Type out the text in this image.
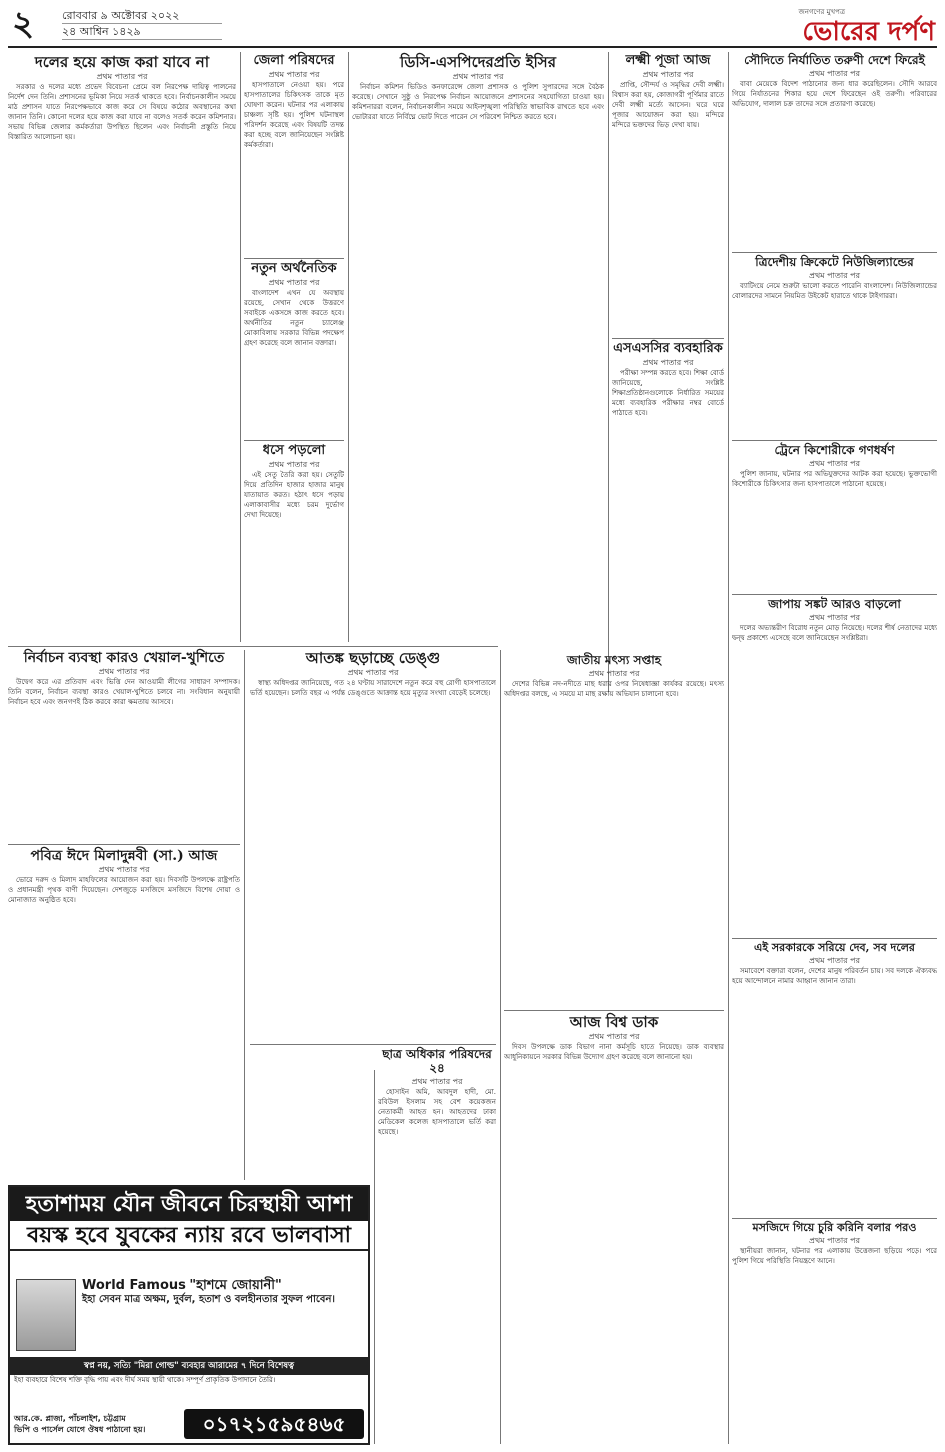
২	রোববার ৯ অক্টোবর ২০২২
২৪ আশ্বিন ১৪২৯
জনগণের মুখপত্র
ভোরের দর্পণ
দলের হয়ে কাজ করা যাবে না
প্রথম পাতার পর

সরকার ও দলের মধ্যে প্রভেদ বিবেচনা প্রেমে বল নিরপেক্ষ দায়িত্ব পালনের নির্দেশ দেন তিনি। প্রশাসনের ভূমিকা নিয়ে সতর্ক থাকতে হবে। নির্বাচনকালীন সময়ে মাঠ প্রশাসন যাতে নিরপেক্ষভাবে কাজ করে সে বিষয়ে কঠোর অবস্থানের কথা জানান তিনি। কোনো দলের হয়ে কাজ করা যাবে না বলেও সতর্ক করেন কমিশনার। সভায় বিভিন্ন জেলার কর্মকর্তারা উপস্থিত ছিলেন এবং নির্বাচনী প্রস্তুতি নিয়ে বিস্তারিত আলোচনা হয়।

জেলা পরিষদের
প্রথম পাতার পর

হাসপাতালে নেওয়া হয়। পরে হাসপাতালের চিকিৎসক তাকে মৃত ঘোষণা করেন। ঘটনার পর এলাকায় চাঞ্চল্য সৃষ্টি হয়। পুলিশ ঘটনাস্থল পরিদর্শন করেছে এবং বিষয়টি তদন্ত করা হচ্ছে বলে জানিয়েছেন সংশ্লিষ্ট কর্মকর্তারা।

নতুন অর্থনৈতিক
প্রথম পাতার পর

বাংলাদেশ এখন যে অবস্থায় রয়েছে, সেখান থেকে উত্তরণে সবাইকে একসঙ্গে কাজ করতে হবে। অর্থনীতির নতুন চ্যালেঞ্জ মোকাবিলায় সরকার বিভিন্ন পদক্ষেপ গ্রহণ করেছে বলে জানান বক্তারা।

ধসে পড়লো
প্রথম পাতার পর

এই সেতু তৈরি করা হয়। সেতুটি দিয়ে প্রতিদিন হাজার হাজার মানুষ যাতায়াত করত। হঠাৎ ধসে পড়ায় এলাকাবাসীর মধ্যে চরম দুর্ভোগ দেখা দিয়েছে।

ডিসি-এসপিদেরপ্রতি ইসির
প্রথম পাতার পর

নির্বাচন কমিশন ভিডিও কনফারেন্সে জেলা প্রশাসক ও পুলিশ সুপারদের সঙ্গে বৈঠক করেছে। সেখানে সুষ্ঠু ও নিরপেক্ষ নির্বাচন আয়োজনে প্রশাসনের সহযোগিতা চাওয়া হয়। কমিশনাররা বলেন, নির্বাচনকালীন সময়ে আইনশৃঙ্খলা পরিস্থিতি স্বাভাবিক রাখতে হবে এবং ভোটাররা যাতে নির্বিঘ্নে ভোট দিতে পারেন সে পরিবেশ নিশ্চিত করতে হবে।

লক্ষ্মী পূজা আজ
প্রথম পাতার পর

প্রাপ্তি, সৌন্দর্য ও সমৃদ্ধির দেবী লক্ষ্মী। বিশ্বাস করা হয়, কোজাগরী পূর্ণিমার রাতে দেবী লক্ষ্মী মর্ত্যে আসেন। ঘরে ঘরে পূজার আয়োজন করা হয়। মন্দিরে মন্দিরে ভক্তদের ভিড় দেখা যায়।

এসএসসির ব্যবহারিক
প্রথম পাতার পর

পরীক্ষা সম্পন্ন করতে হবে। শিক্ষা বোর্ড জানিয়েছে, সংশ্লিষ্ট শিক্ষাপ্রতিষ্ঠানগুলোকে নির্ধারিত সময়ের মধ্যে ব্যবহারিক পরীক্ষার নম্বর বোর্ডে পাঠাতে হবে।

জাতীয় মৎস্য সপ্তাহ
প্রথম পাতার পর

দেশের বিভিন্ন নদ-নদীতে মাছ ধরার ওপর নিষেধাজ্ঞা কার্যকর রয়েছে। মৎস্য অধিদপ্তর বলছে, এ সময়ে মা মাছ রক্ষায় অভিযান চালানো হবে।

আজ বিশ্ব ডাক
প্রথম পাতার পর

দিবস উপলক্ষে ডাক বিভাগ নানা কর্মসূচি হাতে নিয়েছে। ডাক ব্যবস্থার আধুনিকায়নে সরকার বিভিন্ন উদ্যোগ গ্রহণ করেছে বলে জানানো হয়।

সৌদিতে নির্যাতিত তরুণী দেশে ফিরেই
প্রথম পাতার পর

বাবা মেয়েকে বিদেশ পাঠানোর জন্য ধার করেছিলেন। সৌদি আরবে গিয়ে নির্যাতনের শিকার হয়ে দেশে ফিরেছেন ওই তরুণী। পরিবারের অভিযোগ, দালাল চক্র তাদের সঙ্গে প্রতারণা করেছে।

ত্রিদেশীয় ক্রিকেটে নিউজিল্যান্ডের
প্রথম পাতার পর

ব্যাটিংয়ে নেমে শুরুটা ভালো করতে পারেনি বাংলাদেশ। নিউজিল্যান্ডের বোলারদের সামনে নিয়মিত উইকেট হারাতে থাকে টাইগাররা।

ট্রেনে কিশোরীকে গণধর্ষণ
প্রথম পাতার পর

পুলিশ জানায়, ঘটনার পর অভিযুক্তদের আটক করা হয়েছে। ভুক্তভোগী কিশোরীকে চিকিৎসার জন্য হাসপাতালে পাঠানো হয়েছে।

জাপায় সঙ্কট আরও বাড়লো
প্রথম পাতার পর

দলের অভ্যন্তরীণ বিরোধ নতুন মোড় নিয়েছে। দলের শীর্ষ নেতাদের মধ্যে দ্বন্দ্ব প্রকাশ্যে এসেছে বলে জানিয়েছেন সংশ্লিষ্টরা।

এই সরকারকে সরিয়ে দেব, সব দলের
প্রথম পাতার পর

সমাবেশে বক্তারা বলেন, দেশের মানুষ পরিবর্তন চায়। সব দলকে ঐক্যবদ্ধ হয়ে আন্দোলনে নামার আহ্বান জানান তারা।

মসজিদে গিয়ে চুরি করিনি বলার পরও
প্রথম পাতার পর

স্থানীয়রা জানান, ঘটনার পর এলাকায় উত্তেজনা ছড়িয়ে পড়ে। পরে পুলিশ গিয়ে পরিস্থিতি নিয়ন্ত্রণে আনে।

নির্বাচন ব্যবস্থা কারও খেয়াল-খুশিতে
প্রথম পাতার পর

উদ্বেগ করে এর প্রতিবাদ এবং ভিত্তি দেন আওয়ামী লীগের সাধারণ সম্পাদক। তিনি বলেন, নির্বাচন ব্যবস্থা কারও খেয়াল-খুশিতে চলবে না। সংবিধান অনুযায়ী নির্বাচন হবে এবং জনগণই ঠিক করবে কারা ক্ষমতায় আসবে।

পবিত্র ঈদে মিলাদুন্নবী (সা.) আজ
প্রথম পাতার পর

ভোরে দরুদ ও মিলাদ মাহফিলের আয়োজন করা হয়। দিবসটি উপলক্ষে রাষ্ট্রপতি ও প্রধানমন্ত্রী পৃথক বাণী দিয়েছেন। দেশজুড়ে মসজিদে মসজিদে বিশেষ দোয়া ও মোনাজাত অনুষ্ঠিত হবে।

আতঙ্ক ছড়াচ্ছে ডেঙ্গু
প্রথম পাতার পর

স্বাস্থ্য অধিদপ্তর জানিয়েছে, গত ২৪ ঘণ্টায় সারাদেশে নতুন করে বহু রোগী হাসপাতালে ভর্তি হয়েছেন। চলতি বছর এ পর্যন্ত ডেঙ্গুতে আক্রান্ত হয়ে মৃত্যুর সংখ্যা বেড়েই চলেছে।

ছাত্র অধিকার পরিষদের ২৪
প্রথম পাতার পর

হোসাইন অমি, আবদুল হাদী, মো. রবিউল ইসলাম সহ বেশ কয়েকজন নেতাকর্মী আহত হন। আহতদের ঢাকা মেডিকেল কলেজ হাসপাতালে ভর্তি করা হয়েছে।

হতাশাময় যৌন জীবনে চিরস্থায়ী আশা
বয়স্ক হবে যুবকের ন্যায় রবে ভালবাসা
World Famous "হাশমে জোয়ানী"
ইহা সেবন মাত্র অক্ষম, দুর্বল, হতাশ ও বলহীনতার সুফল পাবেন।
স্বপ্ন নয়, সত্যি "মিরা গোল্ড" ব্যবহার আরামের ৭ দিনে বিশেষত্ব
ইহা ব্যবহারে বিশেষ শক্তি বৃদ্ধি পায় এবং দীর্ঘ সময় স্থায়ী থাকে। সম্পূর্ণ প্রাকৃতিক উপাদানে তৈরি।
আর.কে. প্লাজা, পাঁচলাইশ, চট্টগ্রাম
ভিপি ও পার্সেল যোগে ঔষধ পাঠানো হয়।	০১৭২১৫৯৫৪৬৫
